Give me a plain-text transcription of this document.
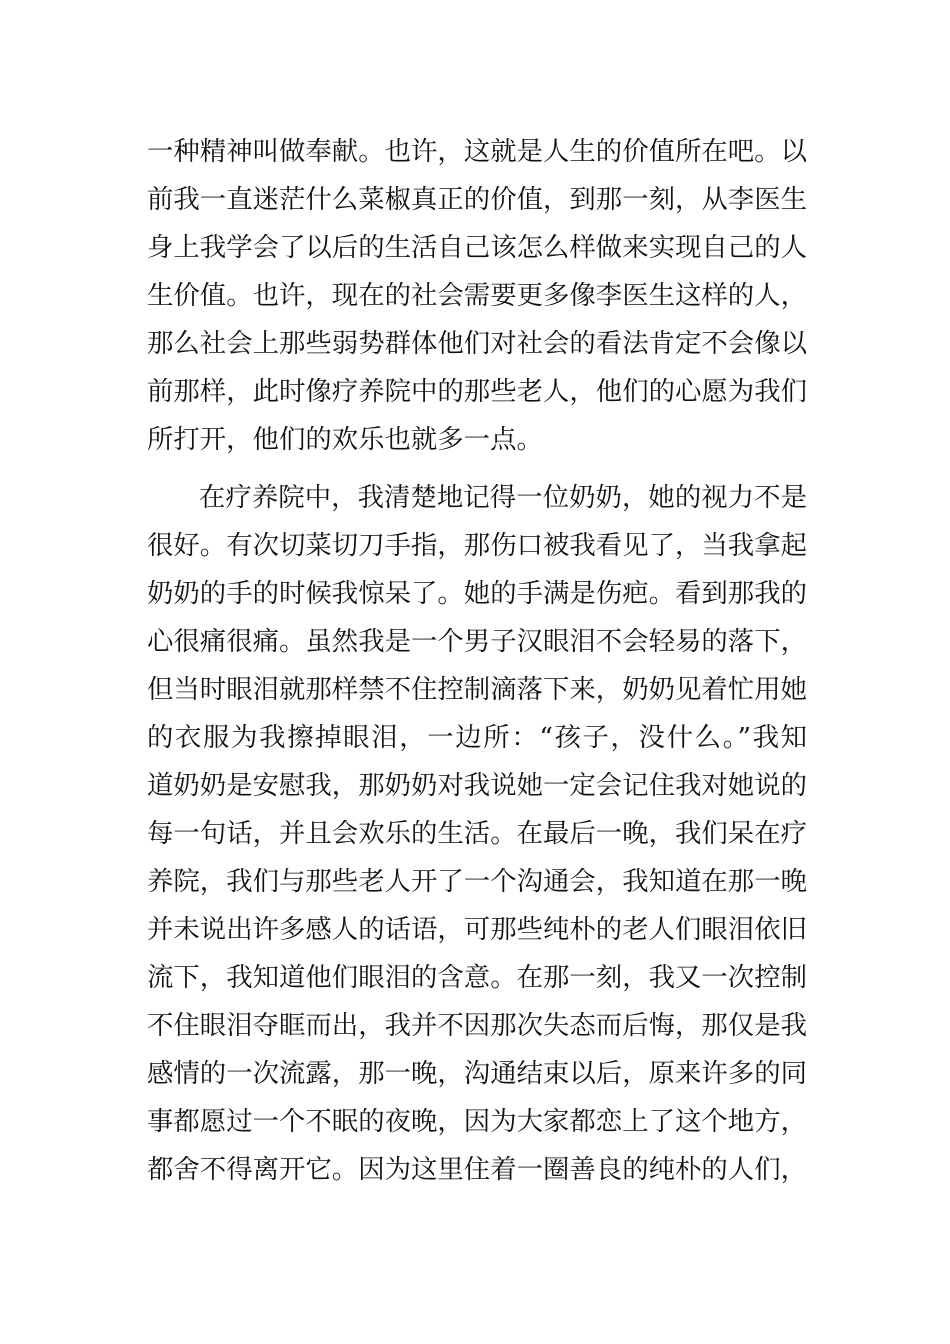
一种精神叫做奉献。也许，这就是人生的价值所在吧。以
前我一直迷茫什么菜椒真正的价值，到那一刻，从李医生
身上我学会了以后的生活自己该怎么样做来实现自己的人
生价值。也许，现在的社会需要更多像李医生这样的人，
那么社会上那些弱势群体他们对社会的看法肯定不会像以
前那样，此时像疗养院中的那些老人，他们的心愿为我们
所打开，他们的欢乐也就多一点。
在疗养院中，我清楚地记得一位奶奶，她的视力不是
很好。有次切菜切刀手指，那伤口被我看见了，当我拿起
奶奶的手的时候我惊呆了。她的手满是伤疤。看到那我的
心很痛很痛。虽然我是一个男子汉眼泪不会轻易的落下，
但当时眼泪就那样禁不住控制滴落下来，奶奶见着忙用她
的衣服为我擦掉眼泪，一边所：“孩子，没什么。”我知
道奶奶是安慰我，那奶奶对我说她一定会记住我对她说的
每一句话，并且会欢乐的生活。在最后一晚，我们呆在疗
养院，我们与那些老人开了一个沟通会，我知道在那一晚
并未说出许多感人的话语，可那些纯朴的老人们眼泪依旧
流下，我知道他们眼泪的含意。在那一刻，我又一次控制
不住眼泪夺眶而出，我并不因那次失态而后悔，那仅是我
感情的一次流露，那一晚，沟通结束以后，原来许多的同
事都愿过一个不眠的夜晚，因为大家都恋上了这个地方，
都舍不得离开它。因为这里住着一圈善良的纯朴的人们，
